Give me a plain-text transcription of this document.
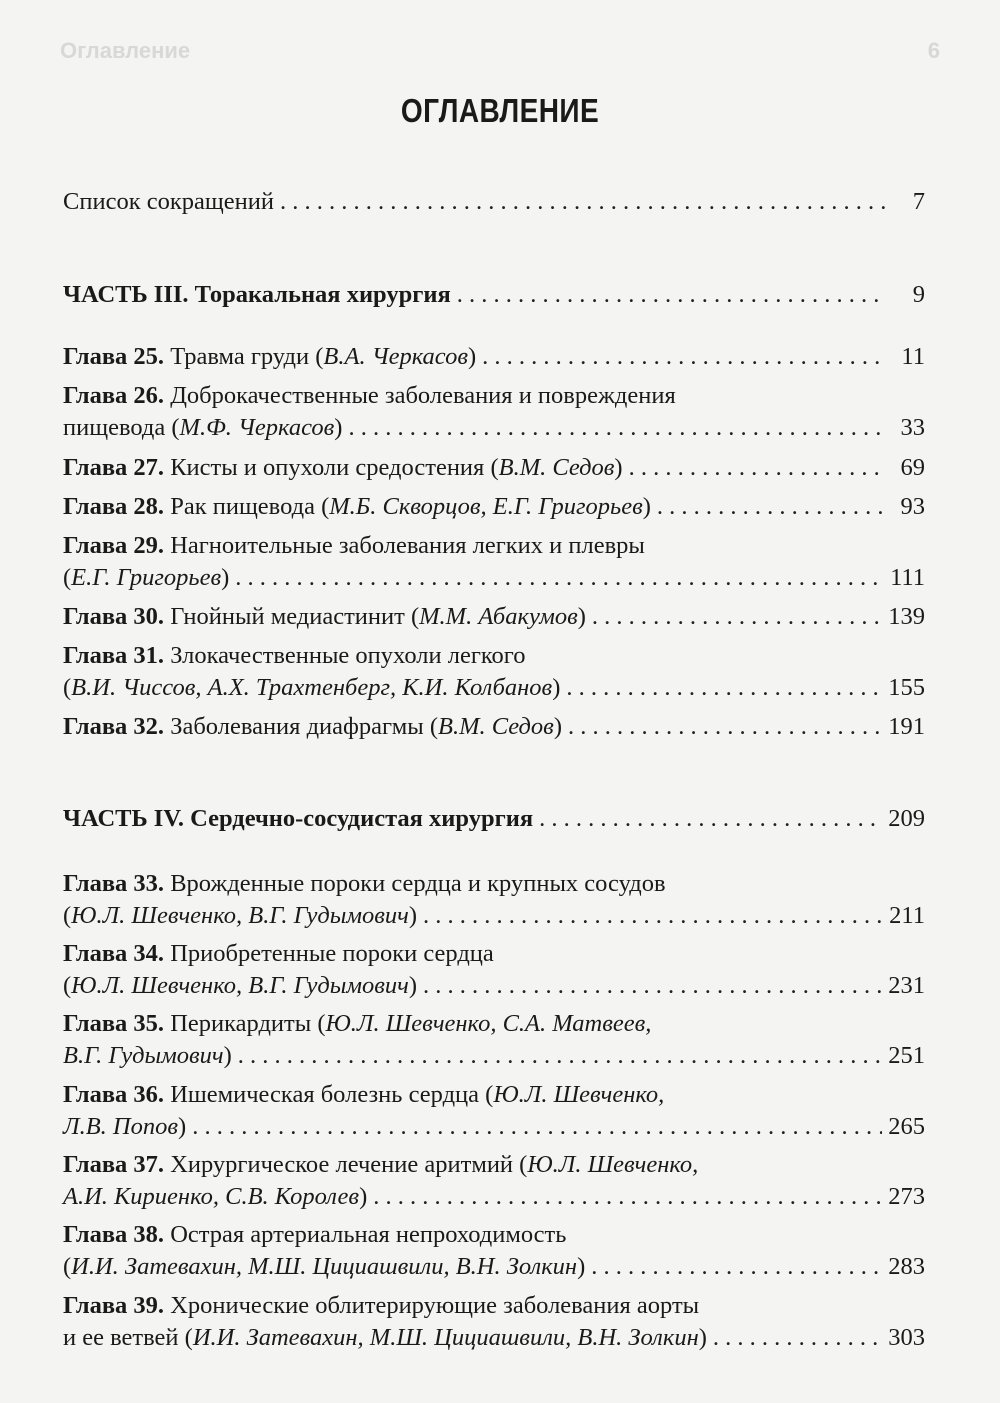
Оглавление	6
ОГЛАВЛЕНИЕ
Список сокращений . . .	7
ЧАСТЬ III. Торакальная хирургия . . .	9
Глава 25. Травма груди (В.А. Черкасов) . . .	11
Глава 26. Доброкачественные заболевания и повреждения
пищевода (М.Ф. Черкасов) . . .	33
Глава 27. Кисты и опухоли средостения (В.М. Седов) . . .	69
Глава 28. Рак пищевода (М.Б. Скворцов, Е.Г. Григорьев) . . .	93
Глава 29. Нагноительные заболевания легких и плевры
(Е.Г. Григорьев) . . .	111
Глава 30. Гнойный медиастинит (М.М. Абакумов) . . .	139
Глава 31. Злокачественные опухоли легкого
(В.И. Чиссов, А.Х. Трахтенберг, К.И. Колбанов) . . .	155
Глава 32. Заболевания диафрагмы (В.М. Седов) . . .	191
ЧАСТЬ IV. Сердечно-сосудистая хирургия . . .	209
Глава 33. Врожденные пороки сердца и крупных сосудов
(Ю.Л. Шевченко, В.Г. Гудымович) . . .	211
Глава 34. Приобретенные пороки сердца
(Ю.Л. Шевченко, В.Г. Гудымович) . . .	231
Глава 35. Перикардиты (Ю.Л. Шевченко, С.А. Матвеев,
В.Г. Гудымович) . . .	251
Глава 36. Ишемическая болезнь сердца (Ю.Л. Шевченко,
Л.В. Попов) . . .	265
Глава 37. Хирургическое лечение аритмий (Ю.Л. Шевченко,
А.И. Кириенко, С.В. Королев) . . .	273
Глава 38. Острая артериальная непроходимость
(И.И. Затевахин, М.Ш. Цициашвили, В.Н. Золкин) . . .	283
Глава 39. Хронические облитерирующие заболевания аорты
и ее ветвей (И.И. Затевахин, М.Ш. Цициашвили, В.Н. Золкин) . . .	303
